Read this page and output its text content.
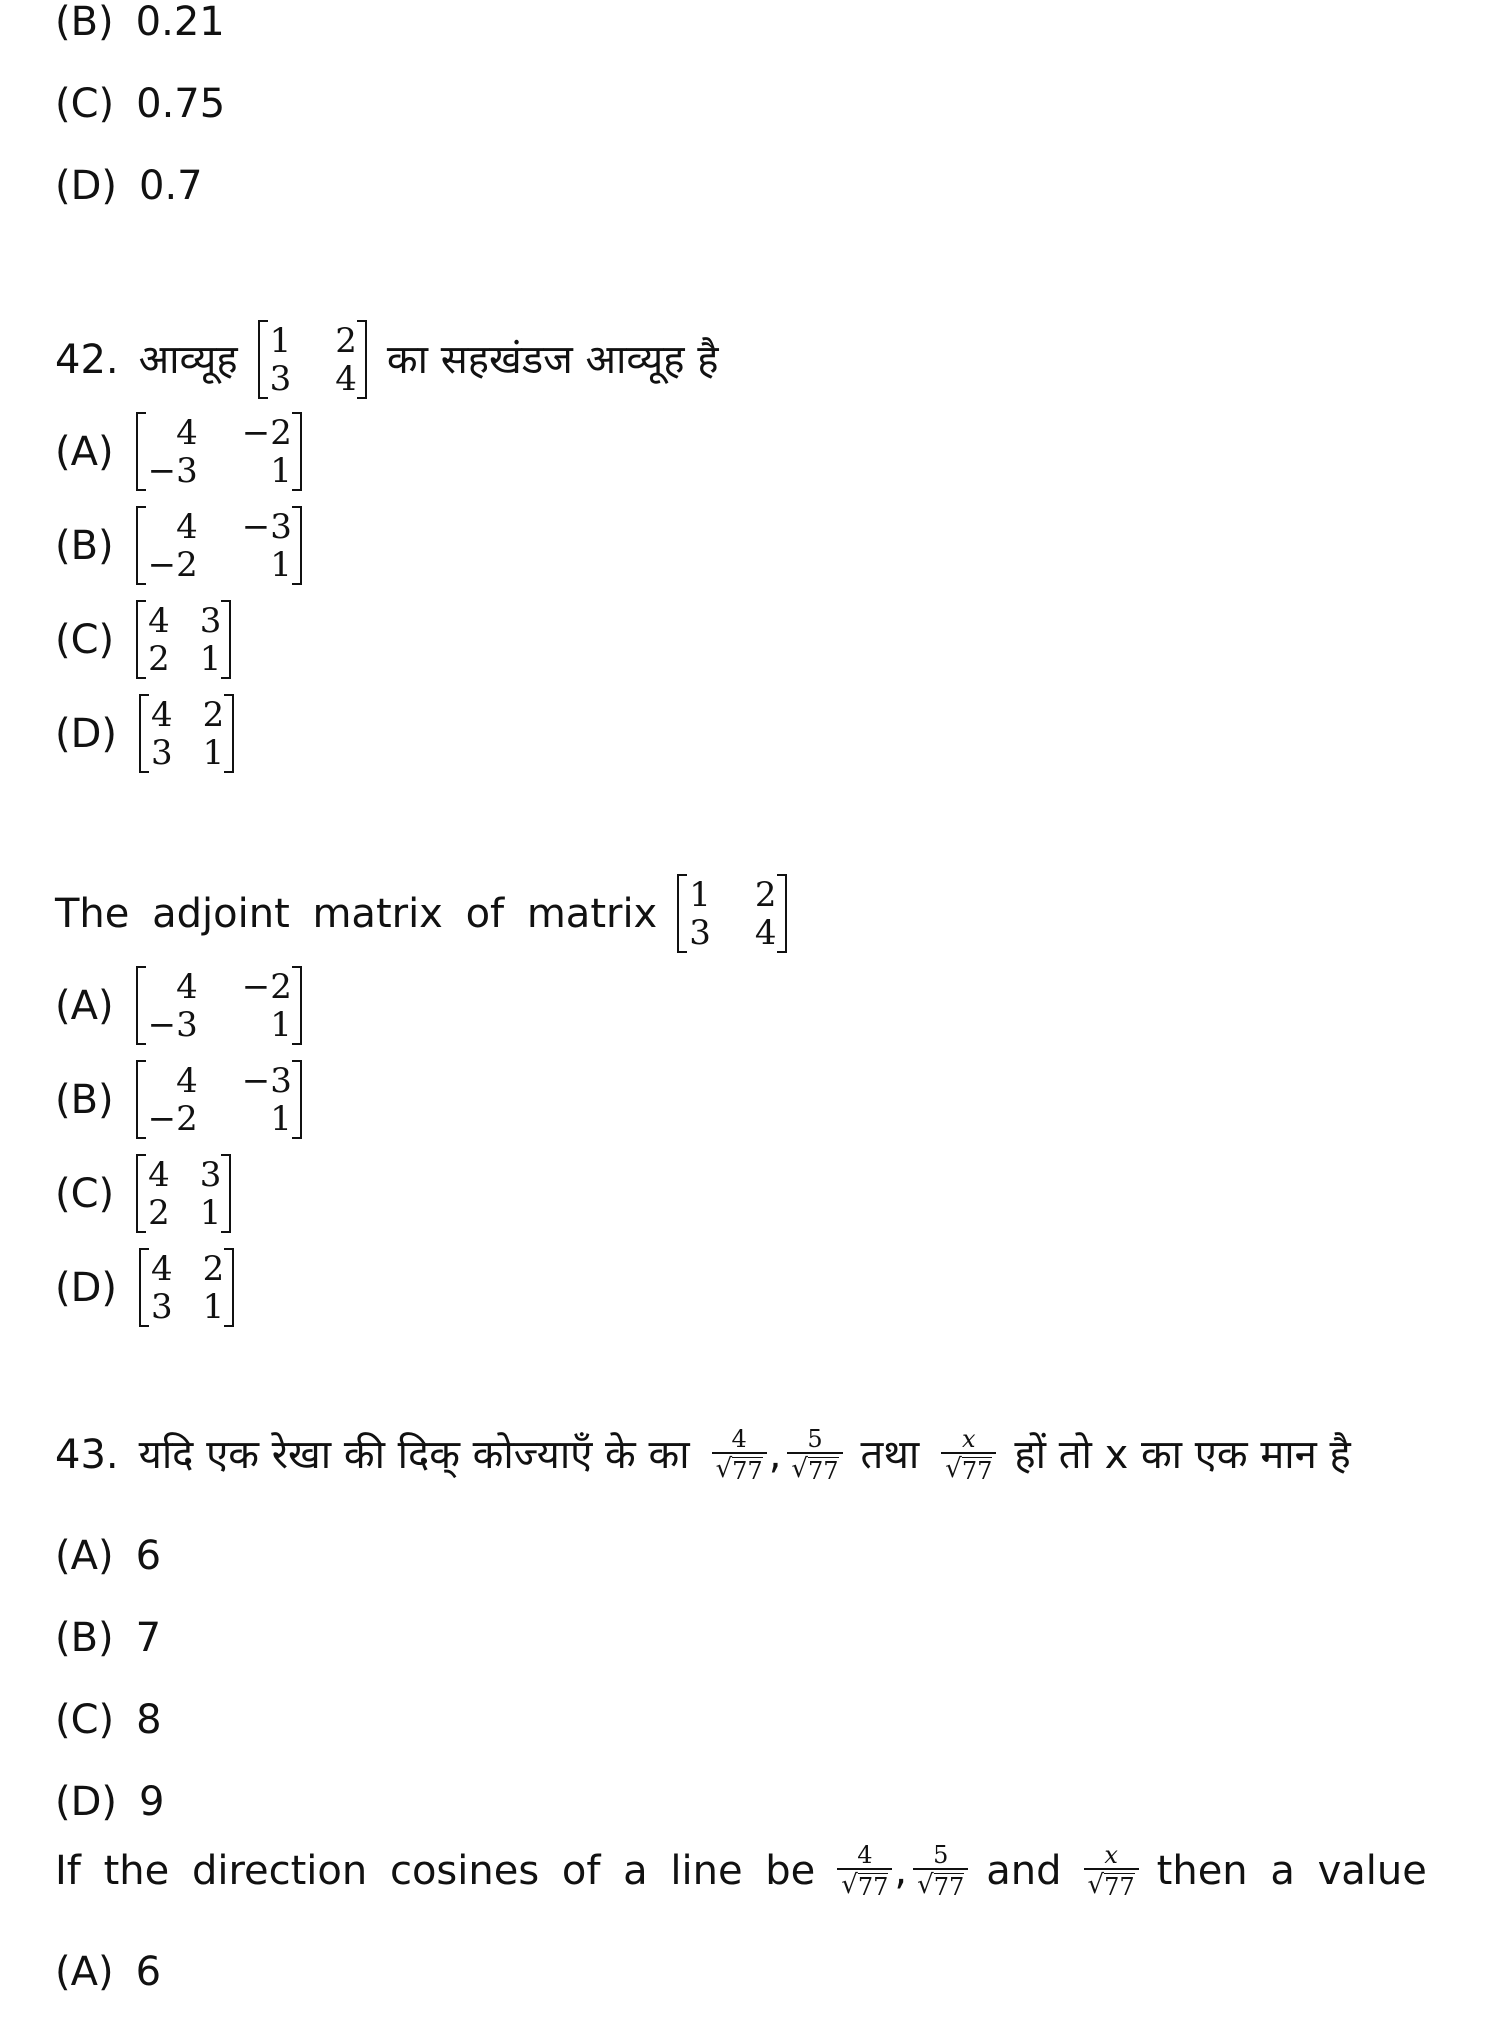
(B) 0.21
(C) 0.75
(D) 0.7
42. आव्यूह 1 2
3 4 का सहखंडज आव्यूह है
(A)	4 −2
−3	1
(B)	4 −3
−2	1
(C) 4 3
2 1
(D) 4 2
3 1
The adjoint matrix of matrix 1 2
3 4
(A)	4 −2
−3	1
(B)	4 −3
−2	1
(C) 4 3
2 1
(D) 4 2
3 1
43. यदि एक रेखा की दिक् कोज्याएँ के का $\frac{4}{√ 77}$ , $\frac{5}{√ 77}$ तथा $\frac{x}{√ 77}$ हों तो x का एक मान है
(A) 6
(B) 7
(C) 8
(D) 9
If the direction cosines of a line be $\frac{4}{√ 77}$ , $\frac{5}{√ 77}$ and $\frac{x}{√ 77}$ then a value
(A) 6
